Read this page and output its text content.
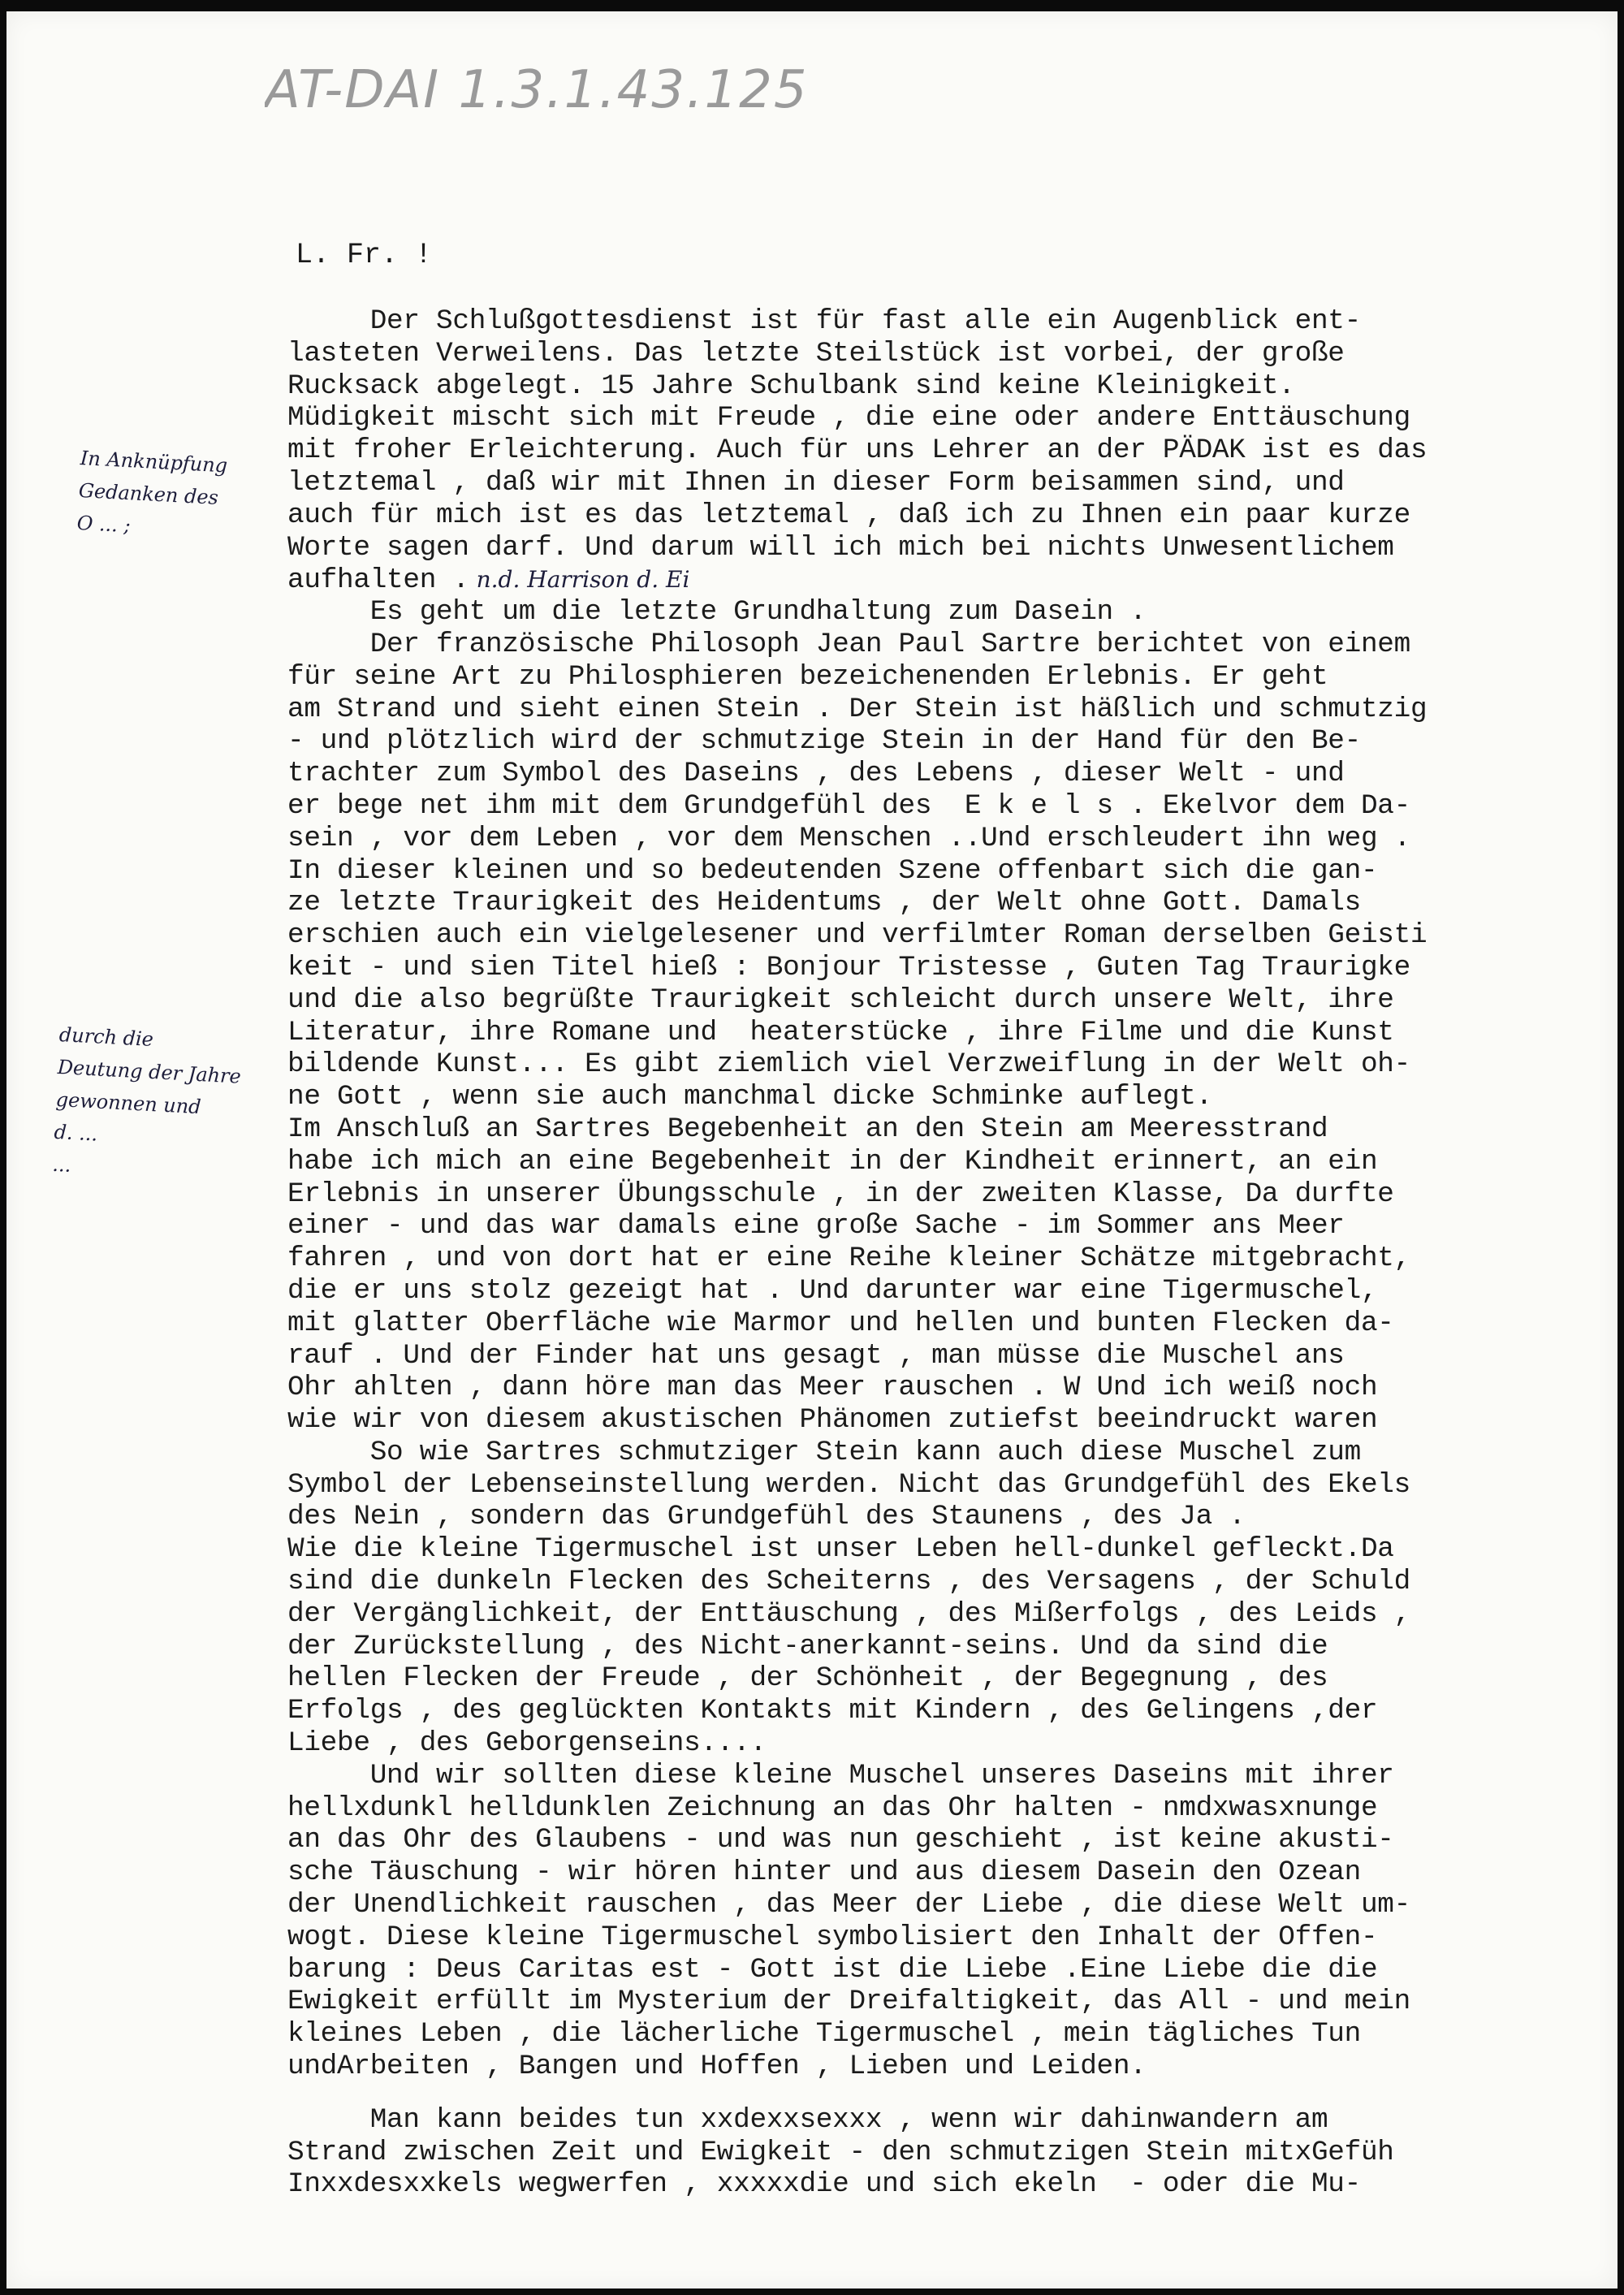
AT-DAI 1.3.1.43.125
In Anknüpfung
Gedanken des
O ... ;
durch die
Deutung der Jahre
gewonnen und
d. ...
...
L. Fr. !
Der Schlußgottesdienst ist für fast alle ein Augenblick ent-
lasteten Verweilens. Das letzte Steilstück ist vorbei, der große
Rucksack abgelegt. 15 Jahre Schulbank sind keine Kleinigkeit.
Müdigkeit mischt sich mit Freude , die eine oder andere Enttäuschung
mit froher Erleichterung. Auch für uns Lehrer an der PÄDAK ist es das
letztemal , daß wir mit Ihnen in dieser Form beisammen sind, und
auch für mich ist es das letztemal , daß ich zu Ihnen ein paar kurze
Worte sagen darf. Und darum will ich mich bei nichts Unwesentlichem
aufhalten . n.d. Harrison d. Ei
Es geht um die letzte Grundhaltung zum Dasein .
Der französische Philosoph Jean Paul Sartre berichtet von einem
für seine Art zu Philosphieren bezeichenenden Erlebnis. Er geht
am Strand und sieht einen Stein . Der Stein ist häßlich und schmutzig
- und plötzlich wird der schmutzige Stein in der Hand für den Be-
trachter zum Symbol des Daseins , des Lebens , dieser Welt - und
er bege net ihm mit dem Grundgefühl des  E k e l s . Ekelvor dem Da-
sein , vor dem Leben , vor dem Menschen ..Und erschleudert ihn weg .
In dieser kleinen und so bedeutenden Szene offenbart sich die gan-
ze letzte Traurigkeit des Heidentums , der Welt ohne Gott. Damals
erschien auch ein vielgelesener und verfilmter Roman derselben Geisti
keit - und sien Titel hieß : Bonjour Tristesse , Guten Tag Traurigke
und die also begrüßte Traurigkeit schleicht durch unsere Welt, ihre
Literatur, ihre Romane und  heaterstücke , ihre Filme und die Kunst
bildende Kunst... Es gibt ziemlich viel Verzweiflung in der Welt oh-
ne Gott , wenn sie auch manchmal dicke Schminke auflegt.
Im Anschluß an Sartres Begebenheit an den Stein am Meeresstrand
habe ich mich an eine Begebenheit in der Kindheit erinnert, an ein
Erlebnis in unserer Übungsschule , in der zweiten Klasse, Da durfte
einer - und das war damals eine große Sache - im Sommer ans Meer
fahren , und von dort hat er eine Reihe kleiner Schätze mitgebracht,
die er uns stolz gezeigt hat . Und darunter war eine Tigermuschel,
mit glatter Oberfläche wie Marmor und hellen und bunten Flecken da-
rauf . Und der Finder hat uns gesagt , man müsse die Muschel ans
Ohr ahlten , dann höre man das Meer rauschen . W Und ich weiß noch
wie wir von diesem akustischen Phänomen zutiefst beeindruckt waren
So wie Sartres schmutziger Stein kann auch diese Muschel zum
Symbol der Lebenseinstellung werden. Nicht das Grundgefühl des Ekels
des Nein , sondern das Grundgefühl des Staunens , des Ja .
Wie die kleine Tigermuschel ist unser Leben hell-dunkel gefleckt.Da
sind die dunkeln Flecken des Scheiterns , des Versagens , der Schuld
der Vergänglichkeit, der Enttäuschung , des Mißerfolgs , des Leids ,
der Zurückstellung , des Nicht-anerkannt-seins. Und da sind die
hellen Flecken der Freude , der Schönheit , der Begegnung , des
Erfolgs , des geglückten Kontakts mit Kindern , des Gelingens ,der
Liebe , des Geborgenseins....
Und wir sollten diese kleine Muschel unseres Daseins mit ihrer
hellxdunkl helldunklen Zeichnung an das Ohr halten - nmdxwasxnunge
an das Ohr des Glaubens - und was nun geschieht , ist keine akusti-
sche Täuschung - wir hören hinter und aus diesem Dasein den Ozean
der Unendlichkeit rauschen , das Meer der Liebe , die diese Welt um-
wogt. Diese kleine Tigermuschel symbolisiert den Inhalt der Offen-
barung : Deus Caritas est - Gott ist die Liebe .Eine Liebe die die
Ewigkeit erfüllt im Mysterium der Dreifaltigkeit, das All - und mein
kleines Leben , die lächerliche Tigermuschel , mein tägliches Tun
undArbeiten , Bangen und Hoffen , Lieben und Leiden.
Man kann beides tun xxdexxsexxx , wenn wir dahinwandern am
Strand zwischen Zeit und Ewigkeit - den schmutzigen Stein mitxGefüh
Inxxdesxxkels wegwerfen , xxxxxdie und sich ekeln  - oder die Mu-
